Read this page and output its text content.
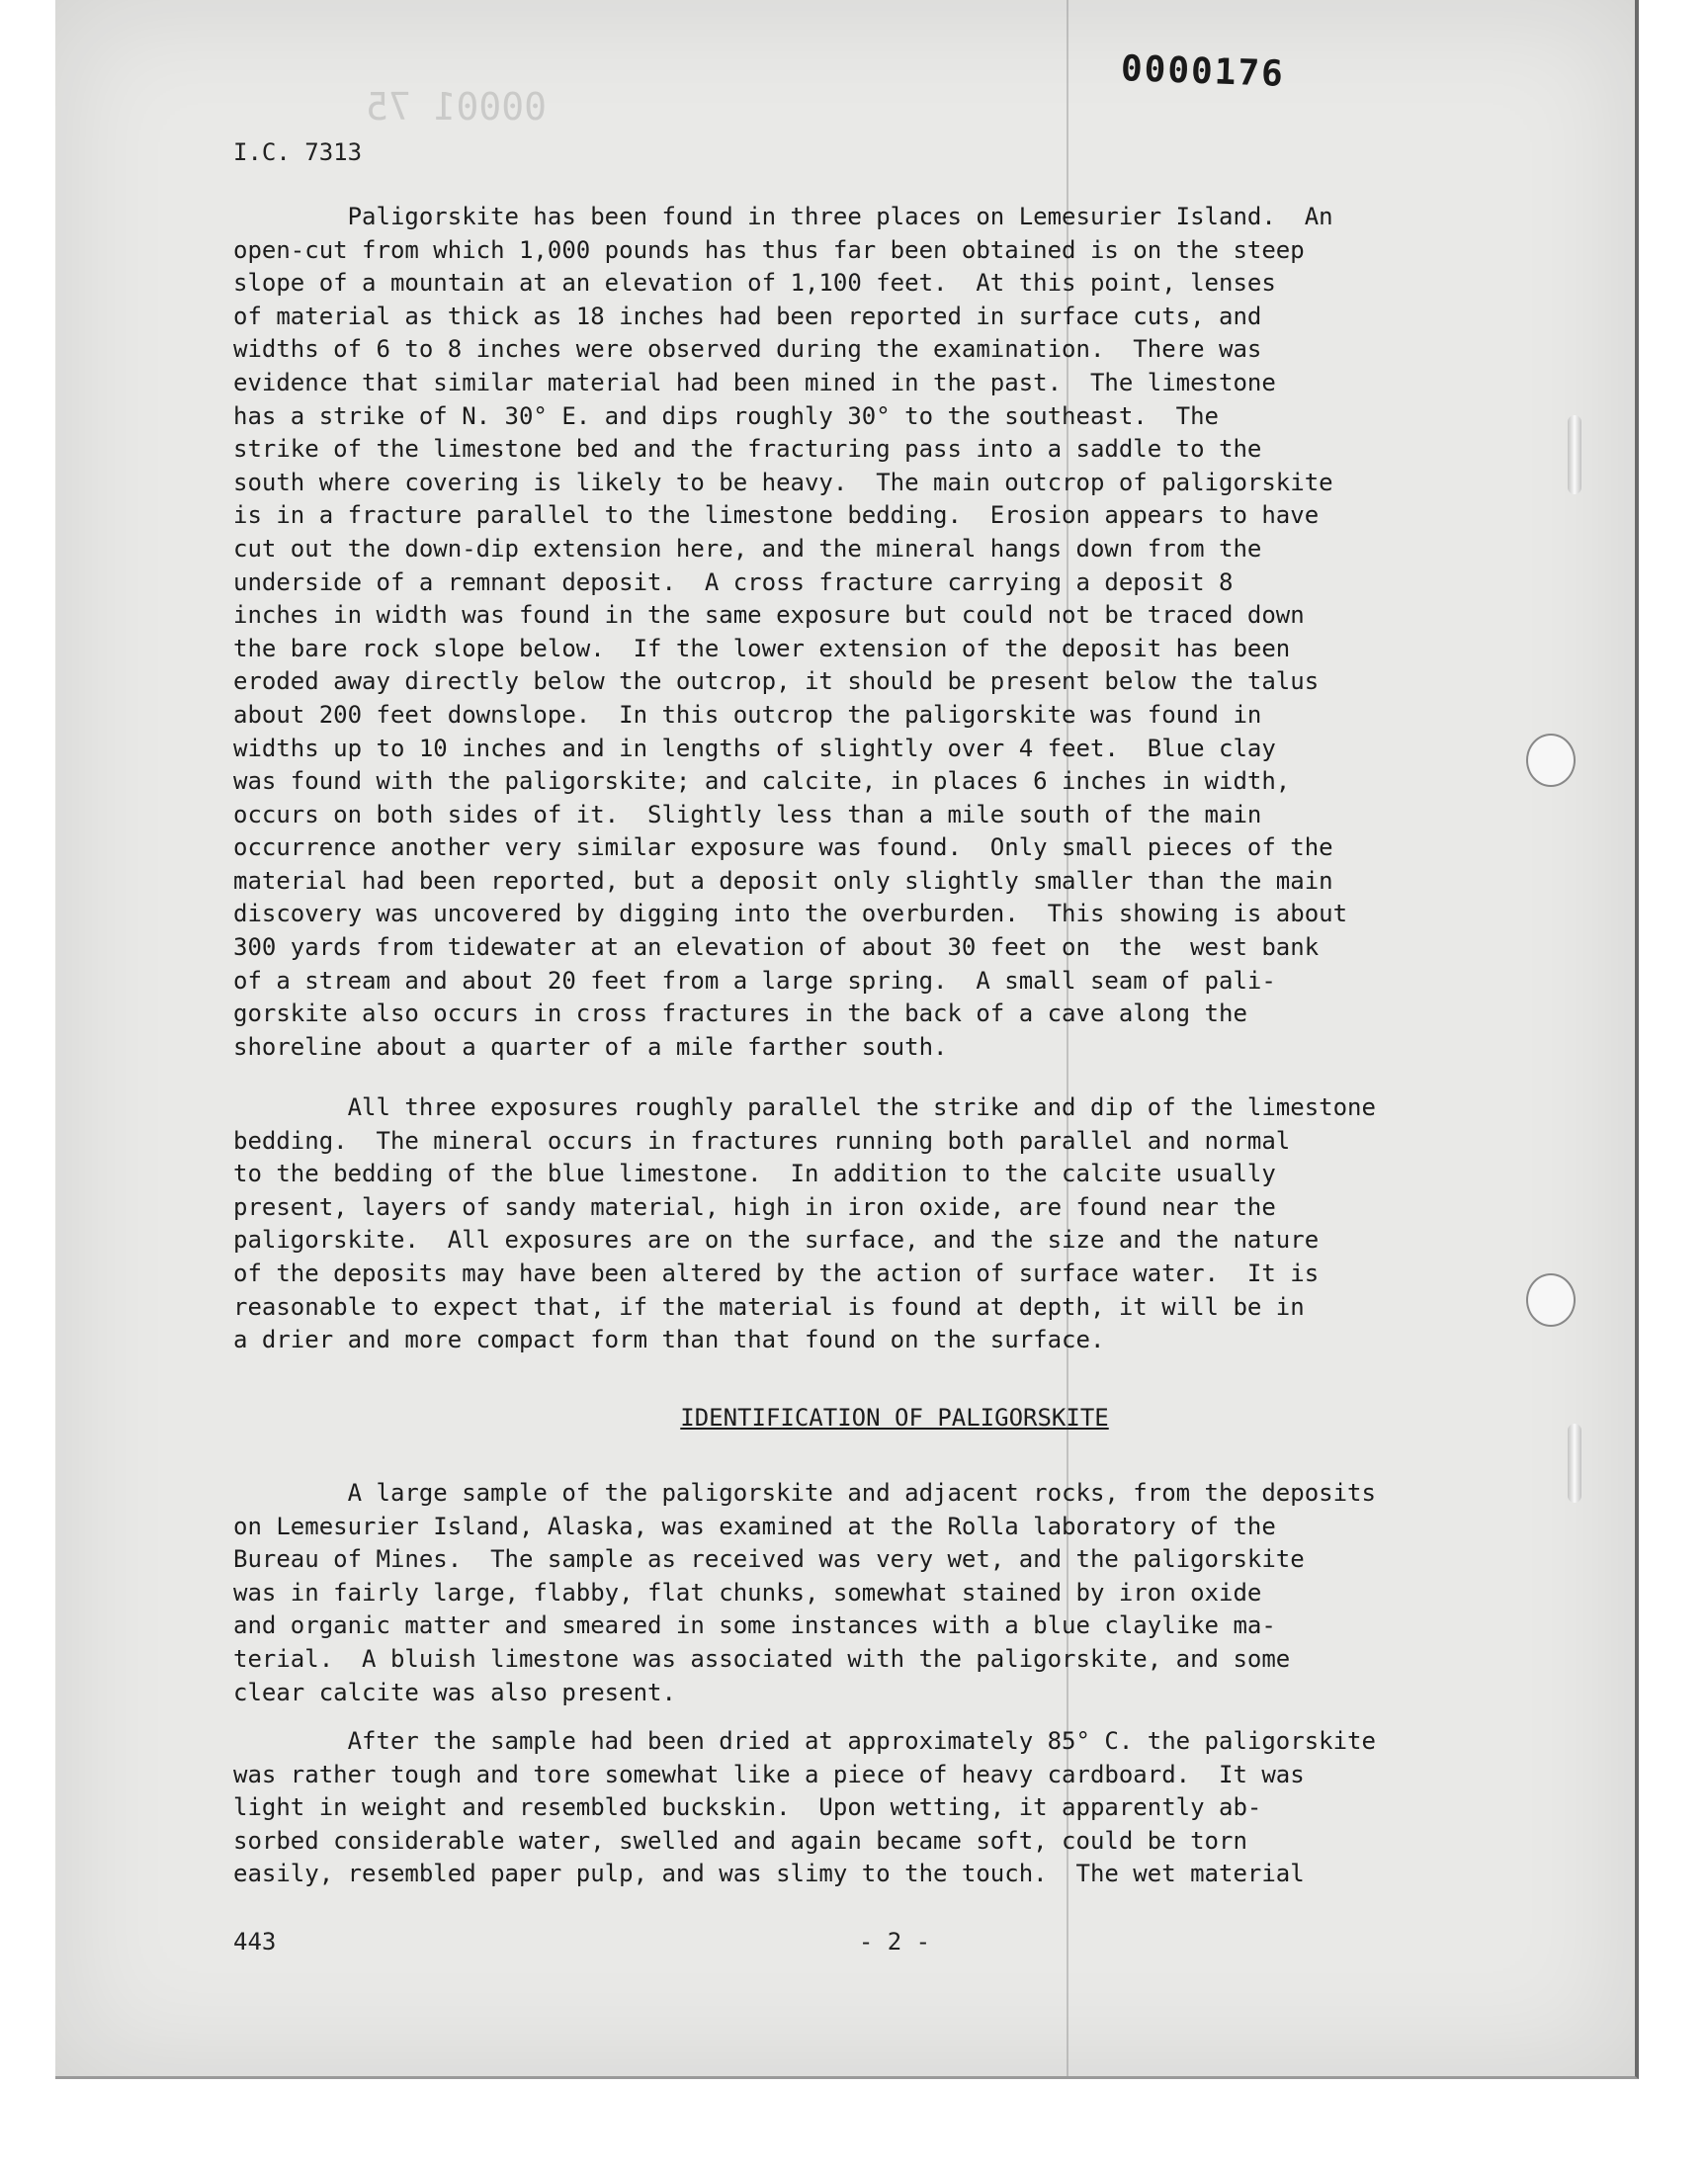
0000176
00001 75
I.C. 7313

Paligorskite has been found in three places on Lemesurier Island.  An
open-cut from which 1,000 pounds has thus far been obtained is on the steep
slope of a mountain at an elevation of 1,100 feet.  At this point, lenses
of material as thick as 18 inches had been reported in surface cuts, and
widths of 6 to 8 inches were observed during the examination.  There was
evidence that similar material had been mined in the past.  The limestone
has a strike of N. 30° E. and dips roughly 30° to the southeast.  The
strike of the limestone bed and the fracturing pass into a saddle to the
south where covering is likely to be heavy.  The main outcrop of paligorskite
is in a fracture parallel to the limestone bedding.  Erosion appears to have
cut out the down-dip extension here, and the mineral hangs down from the
underside of a remnant deposit.  A cross fracture carrying a deposit 8
inches in width was found in the same exposure but could not be traced down
the bare rock slope below.  If the lower extension of the deposit has been
eroded away directly below the outcrop, it should be present below the talus
about 200 feet downslope.  In this outcrop the paligorskite was found in
widths up to 10 inches and in lengths of slightly over 4 feet.  Blue clay
was found with the paligorskite; and calcite, in places 6 inches in width,
occurs on both sides of it.  Slightly less than a mile south of the main
occurrence another very similar exposure was found.  Only small pieces of the
material had been reported, but a deposit only slightly smaller than the main
discovery was uncovered by digging into the overburden.  This showing is about
300 yards from tidewater at an elevation of about 30 feet on  the  west bank
of a stream and about 20 feet from a large spring.  A small seam of pali-
gorskite also occurs in cross fractures in the back of a cave along the
shoreline about a quarter of a mile farther south.

All three exposures roughly parallel the strike and dip of the limestone
bedding.  The mineral occurs in fractures running both parallel and normal
to the bedding of the blue limestone.  In addition to the calcite usually
present, layers of sandy material, high in iron oxide, are found near the
paligorskite.  All exposures are on the surface, and the size and the nature
of the deposits may have been altered by the action of surface water.  It is
reasonable to expect that, if the material is found at depth, it will be in
a drier and more compact form than that found on the surface.

IDENTIFICATION OF PALIGORSKITE

A large sample of the paligorskite and adjacent rocks, from the deposits
on Lemesurier Island, Alaska, was examined at the Rolla laboratory of the
Bureau of Mines.  The sample as received was very wet, and the paligorskite
was in fairly large, flabby, flat chunks, somewhat stained by iron oxide
and organic matter and smeared in some instances with a blue claylike ma-
terial.  A bluish limestone was associated with the paligorskite, and some
clear calcite was also present.

After the sample had been dried at approximately 85° C. the paligorskite
was rather tough and tore somewhat like a piece of heavy cardboard.  It was
light in weight and resembled buckskin.  Upon wetting, it apparently ab-
sorbed considerable water, swelled and again became soft, could be torn
easily, resembled paper pulp, and was slimy to the touch.  The wet material

443	- 2 -
